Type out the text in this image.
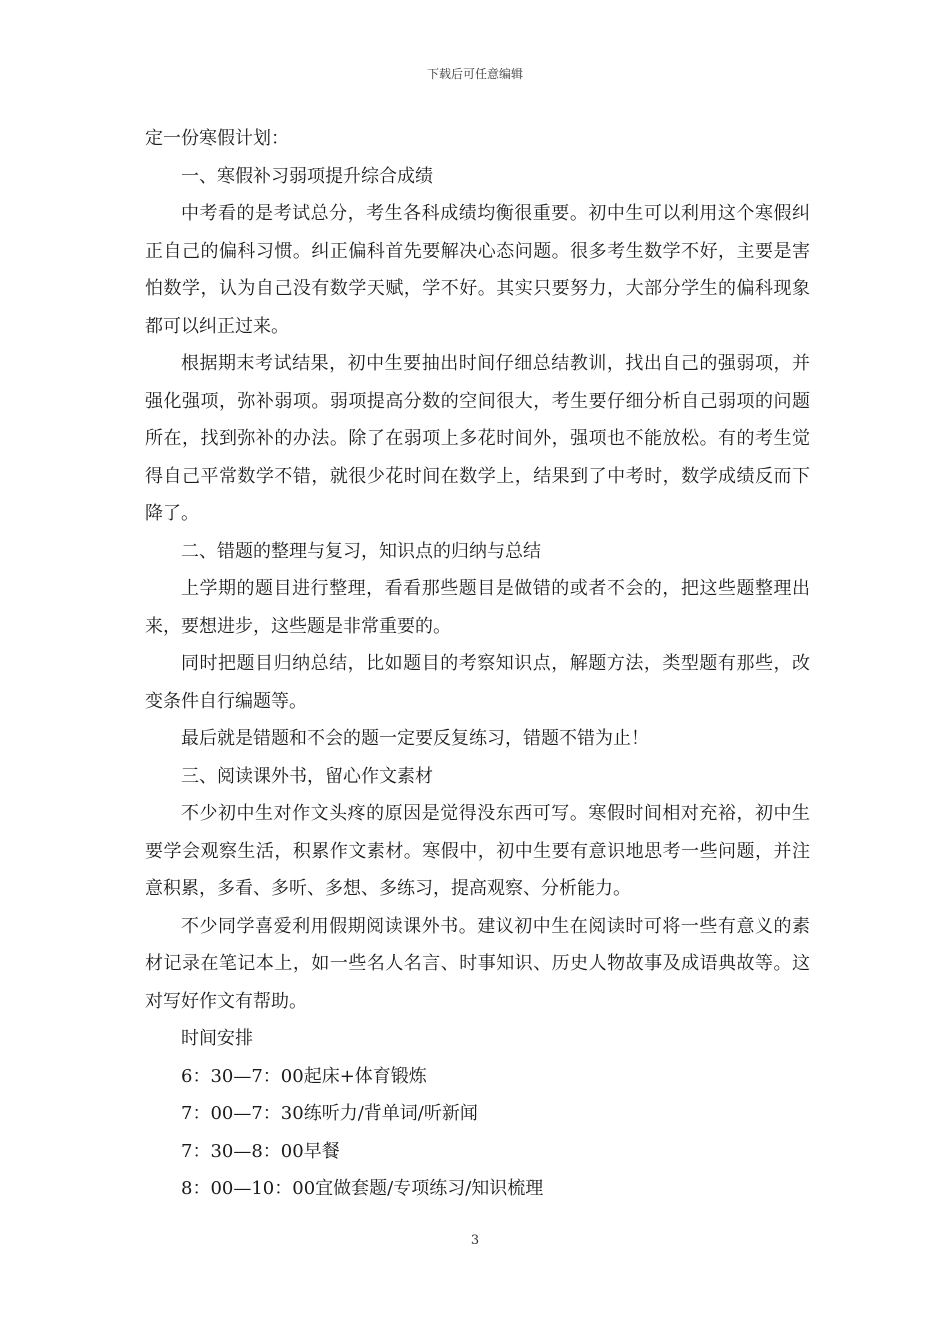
下载后可任意编辑

定一份寒假计划：

一、寒假补习弱项提升综合成绩

中考看的是考试总分，考生各科成绩均衡很重要。初中生可以利用这个寒假纠正自己的偏科习惯。纠正偏科首先要解决心态问题。很多考生数学不好，主要是害怕数学，认为自己没有数学天赋，学不好。其实只要努力，大部分学生的偏科现象都可以纠正过来。

根据期末考试结果，初中生要抽出时间仔细总结教训，找出自己的强弱项，并强化强项，弥补弱项。弱项提高分数的空间很大，考生要仔细分析自己弱项的问题所在，找到弥补的办法。除了在弱项上多花时间外，强项也不能放松。有的考生觉得自己平常数学不错，就很少花时间在数学上，结果到了中考时，数学成绩反而下降了。

二、错题的整理与复习，知识点的归纳与总结

上学期的题目进行整理，看看那些题目是做错的或者不会的，把这些题整理出来，要想进步，这些题是非常重要的。

同时把题目归纳总结，比如题目的考察知识点，解题方法，类型题有那些，改变条件自行编题等。

最后就是错题和不会的题一定要反复练习，错题不错为止！

三、阅读课外书，留心作文素材

不少初中生对作文头疼的原因是觉得没东西可写。寒假时间相对充裕，初中生要学会观察生活，积累作文素材。寒假中，初中生要有意识地思考一些问题，并注意积累，多看、多听、多想、多练习，提高观察、分析能力。

不少同学喜爱利用假期阅读课外书。建议初中生在阅读时可将一些有意义的素材记录在笔记本上，如一些名人名言、时事知识、历史人物故事及成语典故等。这对写好作文有帮助。

时间安排

6：30—7：00起床+体育锻炼

7：00—7：30练听力/背单词/听新闻

7：30—8：00早餐

8：00—10：00宜做套题/专项练习/知识梳理

3
